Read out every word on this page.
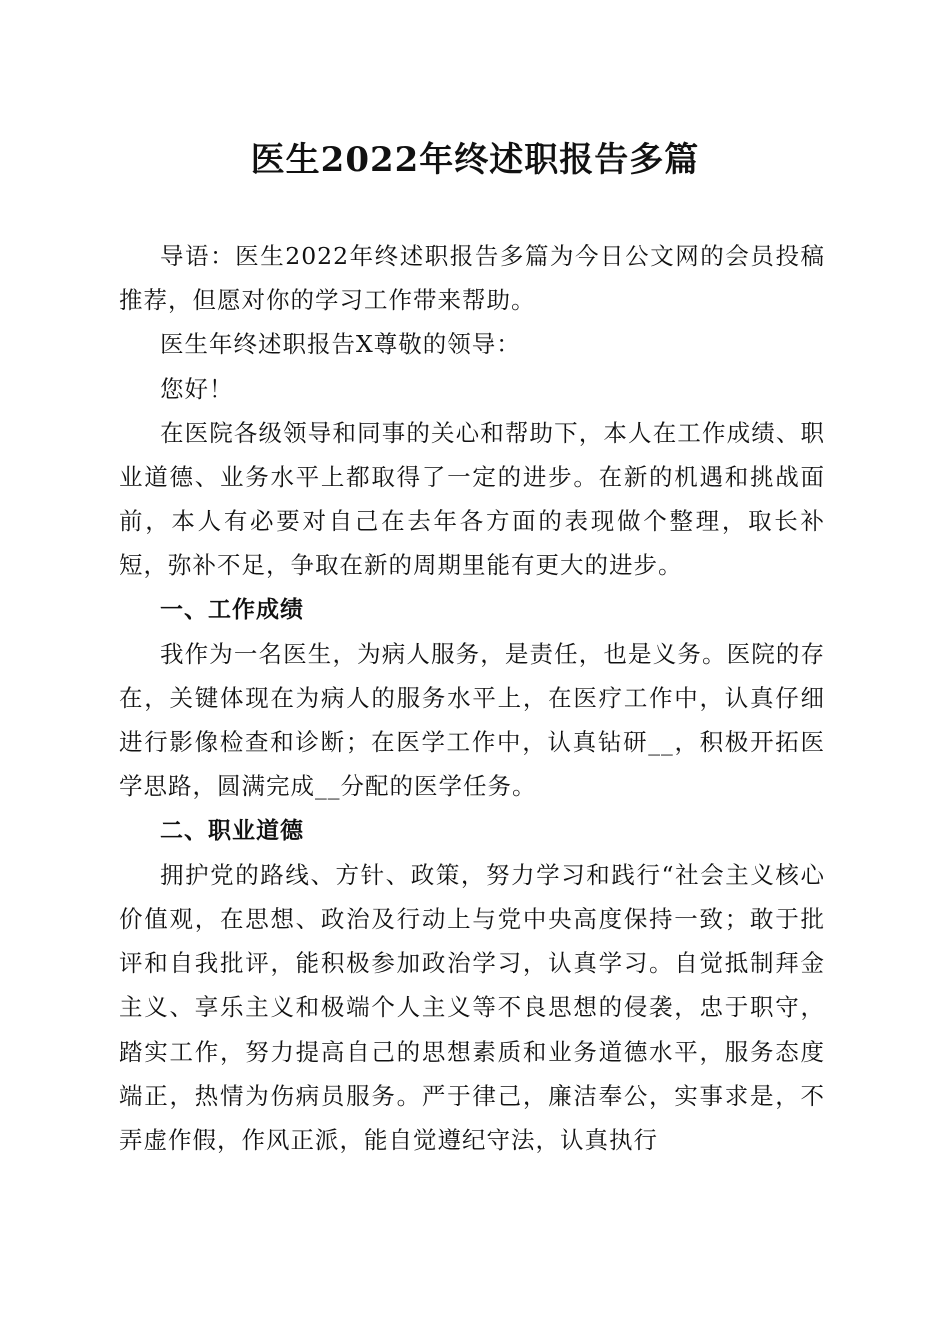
医生2022年终述职报告多篇

导语：医生2022年终述职报告多篇为今日公文网的会员投稿推荐，但愿对你的学习工作带来帮助。

医生年终述职报告X尊敬的领导：

您好！

在医院各级领导和同事的关心和帮助下，本人在工作成绩、职业道德、业务水平上都取得了一定的进步。在新的机遇和挑战面前，本人有必要对自己在去年各方面的表现做个整理，取长补短，弥补不足，争取在新的周期里能有更大的进步。

一、工作成绩

我作为一名医生，为病人服务，是责任，也是义务。医院的存在，关键体现在为病人的服务水平上，在医疗工作中，认真仔细进行影像检查和诊断；在医学工作中，认真钻研__，积极开拓医学思路，圆满完成__分配的医学任务。

二、职业道德

拥护党的路线、方针、政策，努力学习和践行“社会主义核心价值观，在思想、政治及行动上与党中央高度保持一致；敢于批评和自我批评，能积极参加政治学习，认真学习。自觉抵制拜金主义、享乐主义和极端个人主义等不良思想的侵袭，忠于职守，踏实工作，努力提高自己的思想素质和业务道德水平，服务态度端正，热情为伤病员服务。严于律己，廉洁奉公，实事求是，不弄虚作假，作风正派，能自觉遵纪守法，认真执行
